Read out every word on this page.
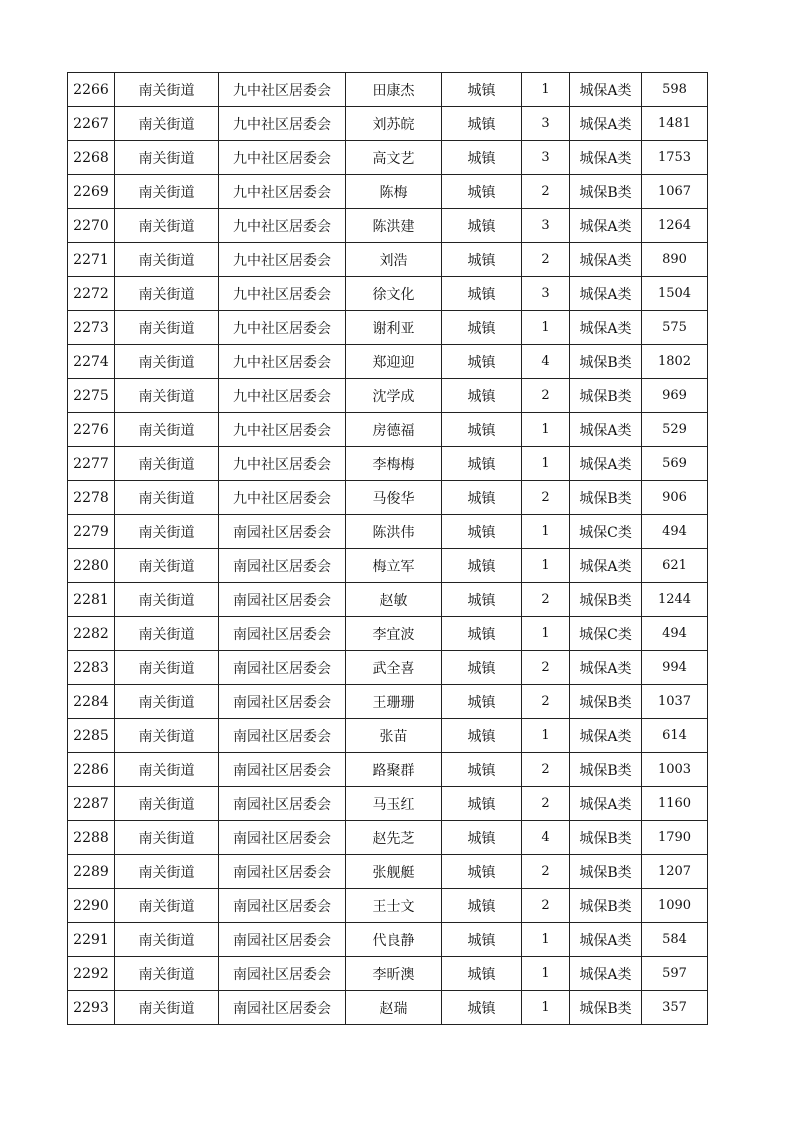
2266	南关街道	九中社区居委会	田康杰	城镇	1	城保A类	598
2267	南关街道	九中社区居委会	刘苏皖	城镇	3	城保A类	1481
2268	南关街道	九中社区居委会	高文艺	城镇	3	城保A类	1753
2269	南关街道	九中社区居委会	陈梅	城镇	2	城保B类	1067
2270	南关街道	九中社区居委会	陈洪建	城镇	3	城保A类	1264
2271	南关街道	九中社区居委会	刘浩	城镇	2	城保A类	890
2272	南关街道	九中社区居委会	徐文化	城镇	3	城保A类	1504
2273	南关街道	九中社区居委会	谢利亚	城镇	1	城保A类	575
2274	南关街道	九中社区居委会	郑迎迎	城镇	4	城保B类	1802
2275	南关街道	九中社区居委会	沈学成	城镇	2	城保B类	969
2276	南关街道	九中社区居委会	房德福	城镇	1	城保A类	529
2277	南关街道	九中社区居委会	李梅梅	城镇	1	城保A类	569
2278	南关街道	九中社区居委会	马俊华	城镇	2	城保B类	906
2279	南关街道	南园社区居委会	陈洪伟	城镇	1	城保C类	494
2280	南关街道	南园社区居委会	梅立军	城镇	1	城保A类	621
2281	南关街道	南园社区居委会	赵敏	城镇	2	城保B类	1244
2282	南关街道	南园社区居委会	李宜波	城镇	1	城保C类	494
2283	南关街道	南园社区居委会	武全喜	城镇	2	城保A类	994
2284	南关街道	南园社区居委会	王珊珊	城镇	2	城保B类	1037
2285	南关街道	南园社区居委会	张苗	城镇	1	城保A类	614
2286	南关街道	南园社区居委会	路聚群	城镇	2	城保B类	1003
2287	南关街道	南园社区居委会	马玉红	城镇	2	城保A类	1160
2288	南关街道	南园社区居委会	赵先芝	城镇	4	城保B类	1790
2289	南关街道	南园社区居委会	张舰艇	城镇	2	城保B类	1207
2290	南关街道	南园社区居委会	王士文	城镇	2	城保B类	1090
2291	南关街道	南园社区居委会	代良静	城镇	1	城保A类	584
2292	南关街道	南园社区居委会	李昕澳	城镇	1	城保A类	597
2293	南关街道	南园社区居委会	赵瑞	城镇	1	城保B类	357
